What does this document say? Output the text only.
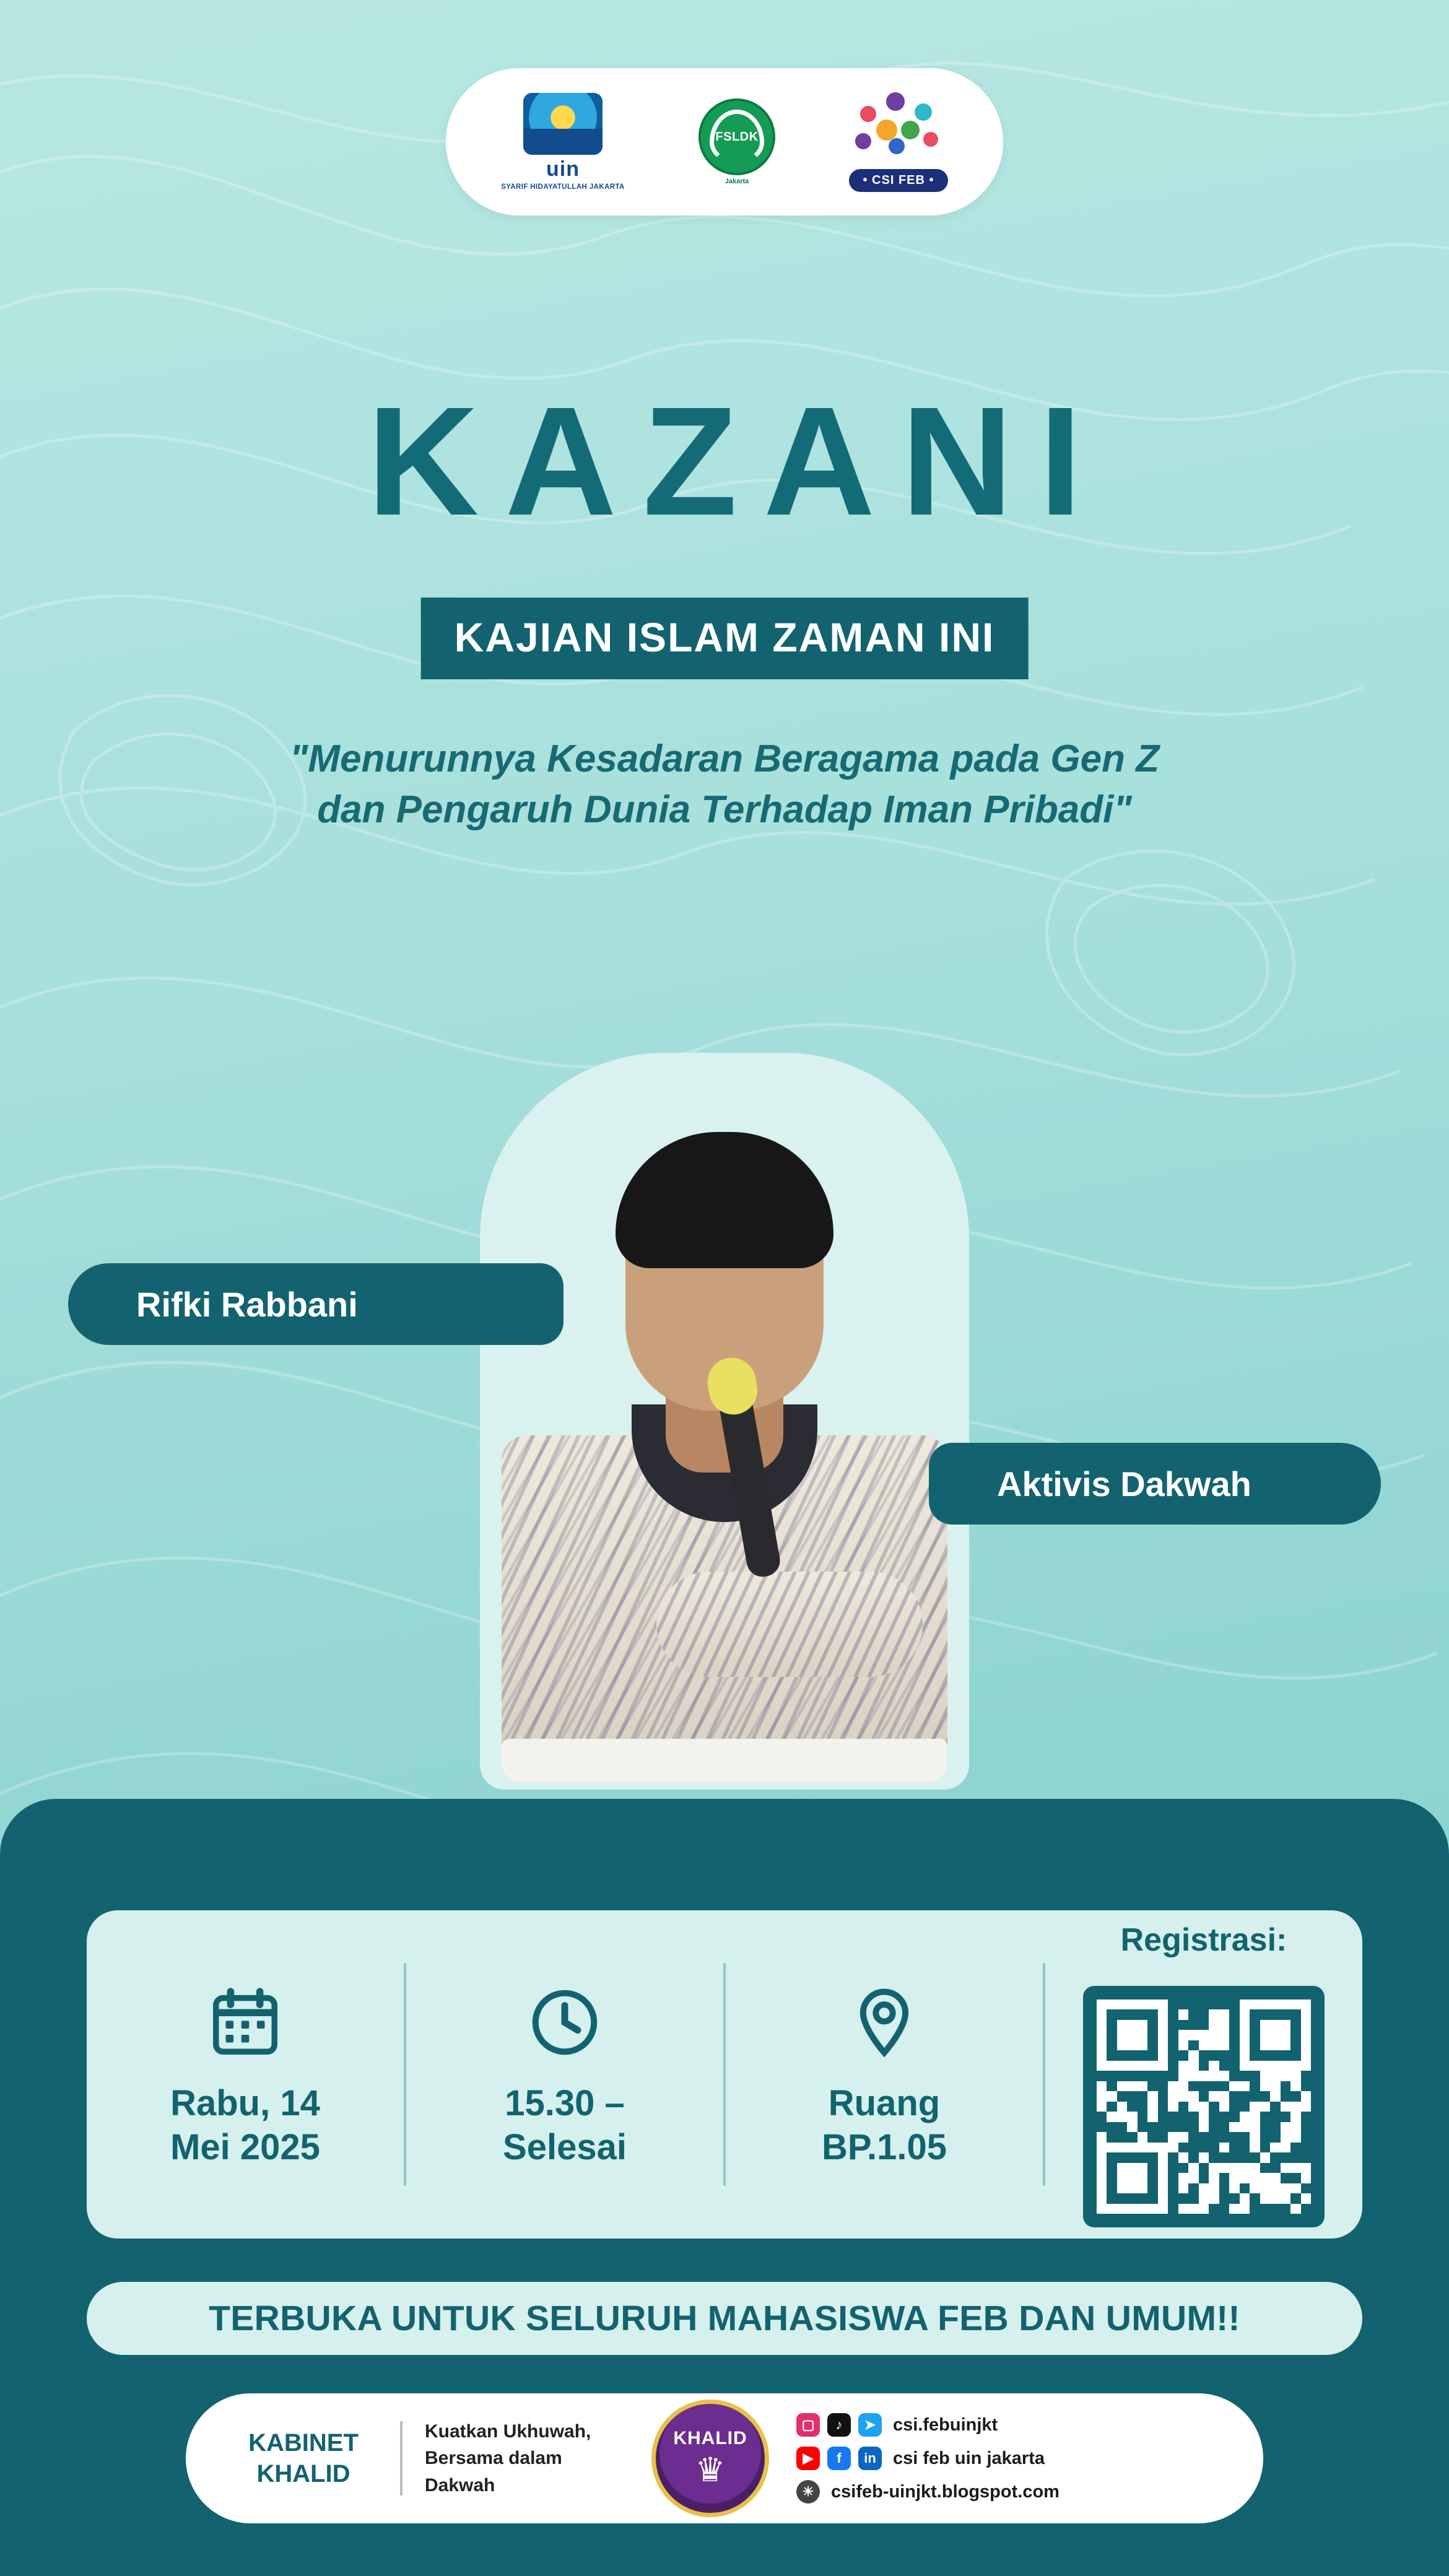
uin
SYARIF HIDAYATULLAH JAKARTA
FSLDK
Jakarta	• CSI FEB •
KAZANI
KAJIAN ISLAM ZAMAN INI
"Menurunnya Kesadaran Beragama pada Gen Z
dan Pengaruh Dunia Terhadap Iman Pribadi"
Rifki Rabbani
Aktivis Dakwah
Rabu, 14
Mei 2025
15.30 –
Selesai
Ruang
BP.1.05
Registrasi:
TERBUKA UNTUK SELURUH MAHASISWA FEB DAN UMUM!!
KABINET
KHALID
Kuatkan Ukhuwah,
Bersama dalam
Dakwah
KHALID
♛
▢	♪	➤ csi.febuinjkt
▶	f	in csi feb uin jakarta
☀ csifeb-uinjkt.blogspot.com
